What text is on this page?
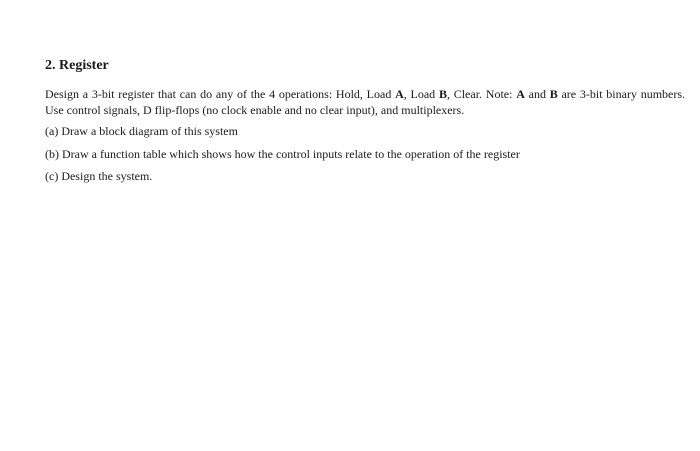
2. Register
Design a 3-bit register that can do any of the 4 operations: Hold, Load A, Load B, Clear. Note: A and B are 3-bit binary numbers. Use control signals, D flip-flops (no clock enable and no clear input), and multiplexers.
(a) Draw a block diagram of this system
(b) Draw a function table which shows how the control inputs relate to the operation of the register
(c) Design the system.
